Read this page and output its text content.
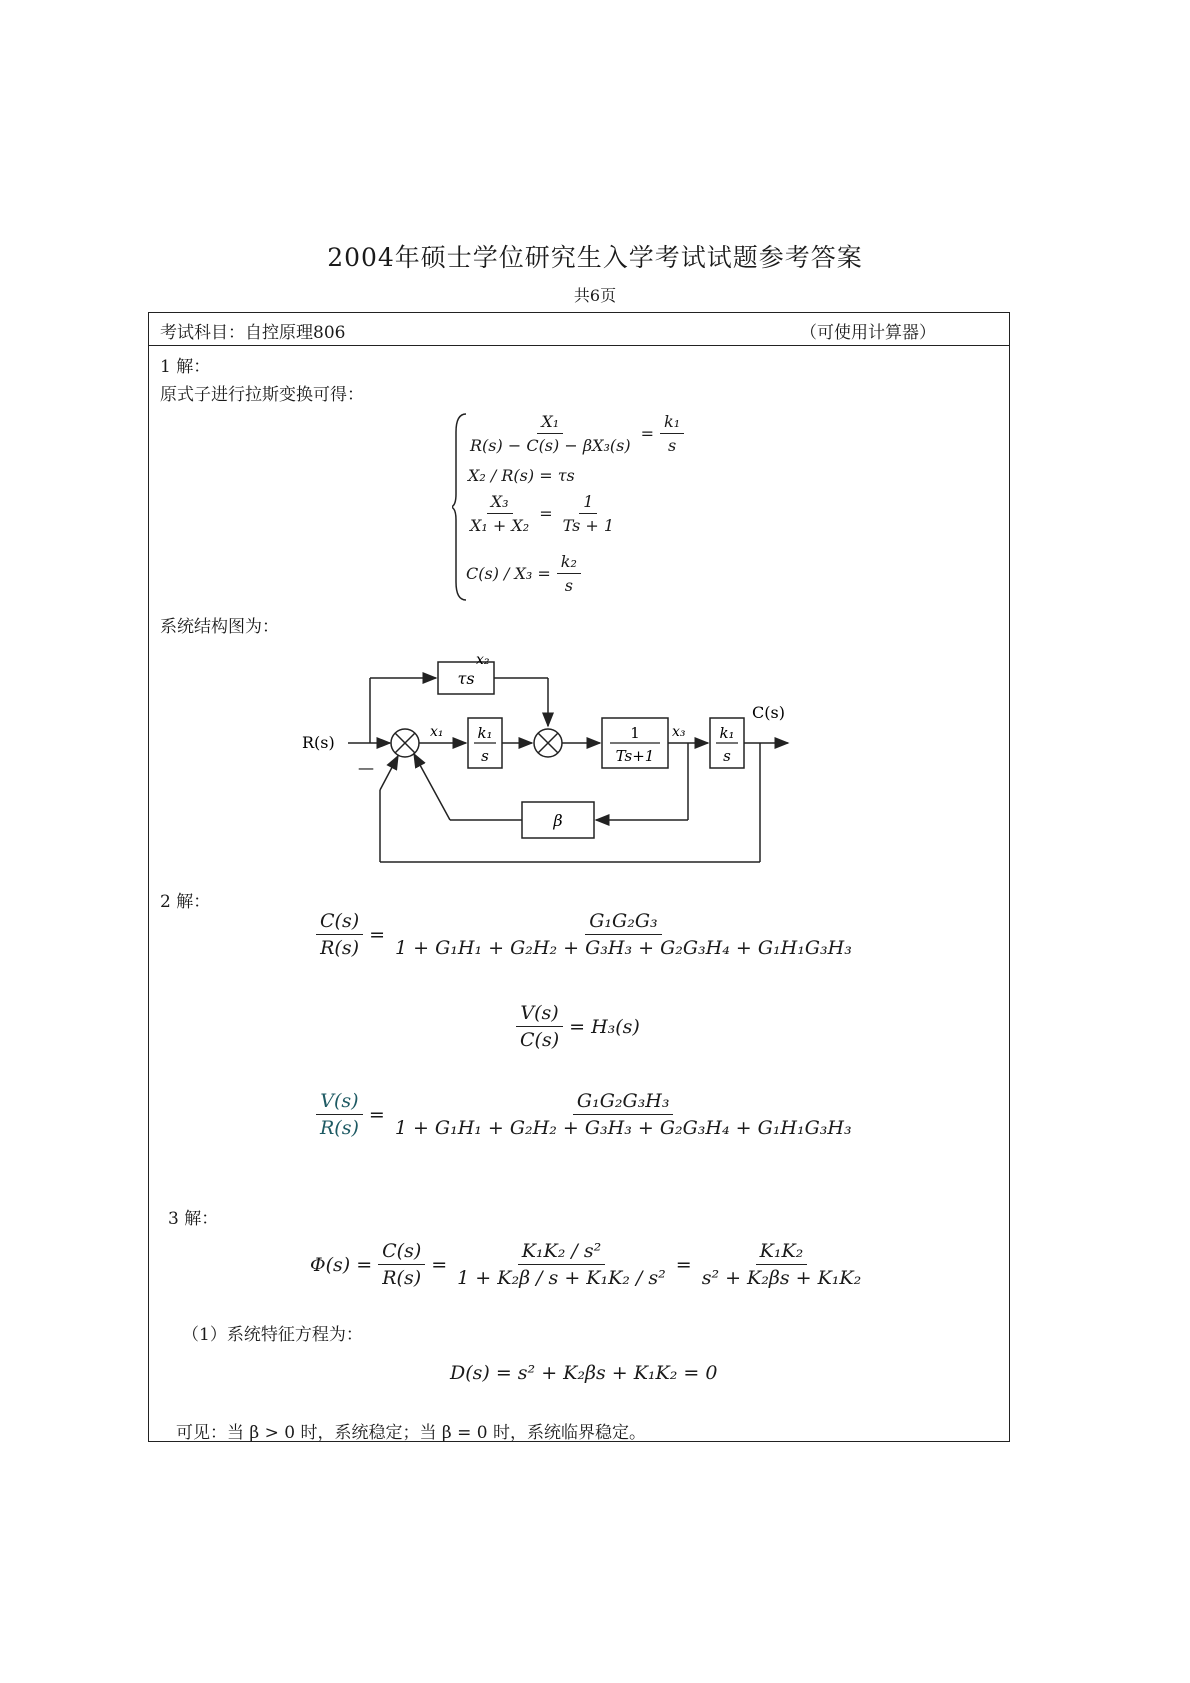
2004年硕士学位研究生入学考试试题参考答案
共6页
考试科目：自控原理806	（可使用计算器）
1 解：
原式子进行拉斯变换可得：
$\frac{\text{X₁}}{\text{R(s) − C(s) − βX₃(s)}} = \frac{\text{k₁}}{s}$
X₂ / R(s) = τs
$\frac{\text{X₃}}{\text{X₁ + X₂}} = \frac{1}{Ts + 1}$
$C(s) / X_3 = \frac{\text{k₂}}{s}$
系统结构图为：
R(s)
C(s)
τs
x₂
x₁	x₃
k₁
s
1
Ts+1
k₁
s
β
—
2 解：
$\frac{C(s)}{R(s)} = \frac{\text{G₁G₂G₃}}{\text{1 + G₁H₁ + G₂H₂ + G₃H₃ + G₂G₃H₄ + G₁H₁G₃H₃}}$
$\frac{V(s)}{C(s)} = H_3(s)$
$\frac{V(s)}{R(s)} = \frac{\text{G₁G₂G₃H₃}}{\text{1 + G₁H₁ + G₂H₂ + G₃H₃ + G₂G₃H₄ + G₁H₁G₃H₃}}$
3 解：
$\Phi(s) = \frac{C(s)}{R(s)} = \frac{\text{K₁K₂ / s²}}{\text{1 + K₂β / s + K₁K₂ / s²}} = \frac{\text{K₁K₂}}{\text{s² + K₂βs + K₁K₂}}$
（1）系统特征方程为：
D(s) = s² + K₂βs + K₁K₂ = 0
可见：当 β > 0 时，系统稳定；当 β = 0 时，系统临界稳定。
